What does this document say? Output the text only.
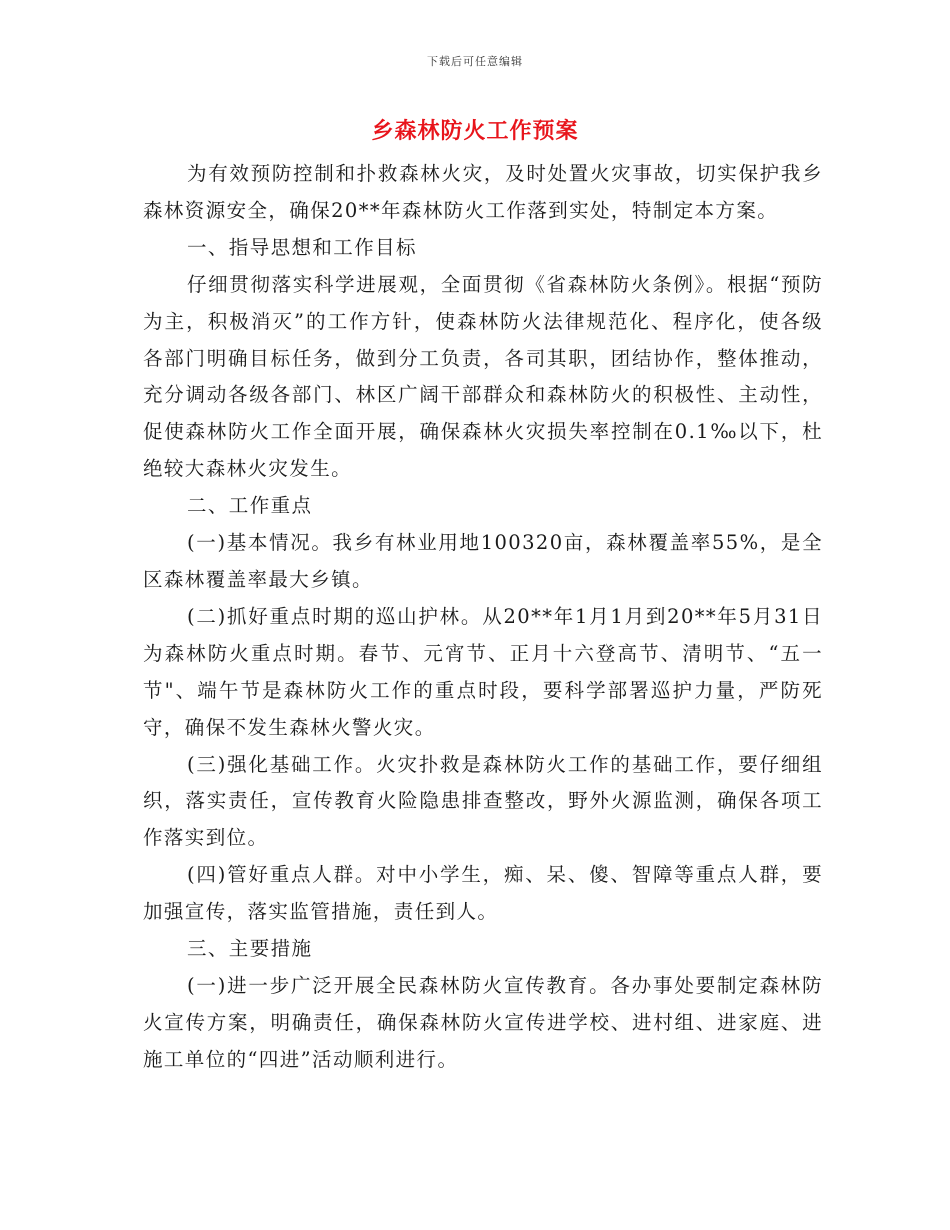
下载后可任意编辑
乡森林防火工作预案

为有效预防控制和扑救森林火灾，及时处置火灾事故，切实保护我乡森林资源安全，确保20**年森林防火工作落到实处，特制定本方案。

一、指导思想和工作目标

仔细贯彻落实科学进展观，全面贯彻《省森林防火条例》。根据“预防为主，积极消灭”的工作方针，使森林防火法律规范化、程序化，使各级各部门明确目标任务，做到分工负责，各司其职，团结协作，整体推动，充分调动各级各部门、林区广阔干部群众和森林防火的积极性、主动性，促使森林防火工作全面开展，确保森林火灾损失率控制在0.1‰以下，杜绝较大森林火灾发生。

二、工作重点

(一)基本情况。我乡有林业用地100320亩，森林覆盖率55%，是全区森林覆盖率最大乡镇。

(二)抓好重点时期的巡山护林。从20**年1月1月到20**年5月31日为森林防火重点时期。春节、元宵节、正月十六登高节、清明节、“五一节"、端午节是森林防火工作的重点时段，要科学部署巡护力量，严防死守，确保不发生森林火警火灾。

(三)强化基础工作。火灾扑救是森林防火工作的基础工作，要仔细组织，落实责任，宣传教育火险隐患排查整改，野外火源监测，确保各项工作落实到位。

(四)管好重点人群。对中小学生，痴、呆、傻、智障等重点人群，要加强宣传，落实监管措施，责任到人。

三、主要措施

(一)进一步广泛开展全民森林防火宣传教育。各办事处要制定森林防火宣传方案，明确责任，确保森林防火宣传进学校、进村组、进家庭、进施工单位的“四进”活动顺利进行。
